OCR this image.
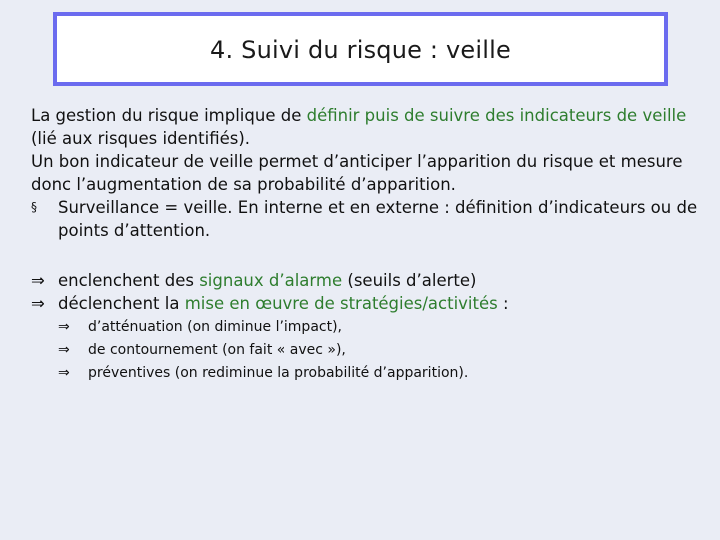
4. Suivi du risque : veille

La gestion du risque implique de définir puis de suivre des indicateurs de veille (lié aux risques identifiés).

Un bon indicateur de veille permet d’anticiper l’apparition du risque et mesure donc l’augmentation de sa probabilité d’apparition.

§	Surveillance = veille. En interne et en externe : définition d’indicateurs ou de points d’attention.
⇒ enclenchent des signaux d’alarme (seuils d’alerte)
⇒ déclenchent la mise en œuvre de stratégies/activités :
⇒	d’atténuation (on diminue l’impact),
⇒	de contournement (on fait « avec »),
⇒	préventives (on rediminue la probabilité d’apparition).
